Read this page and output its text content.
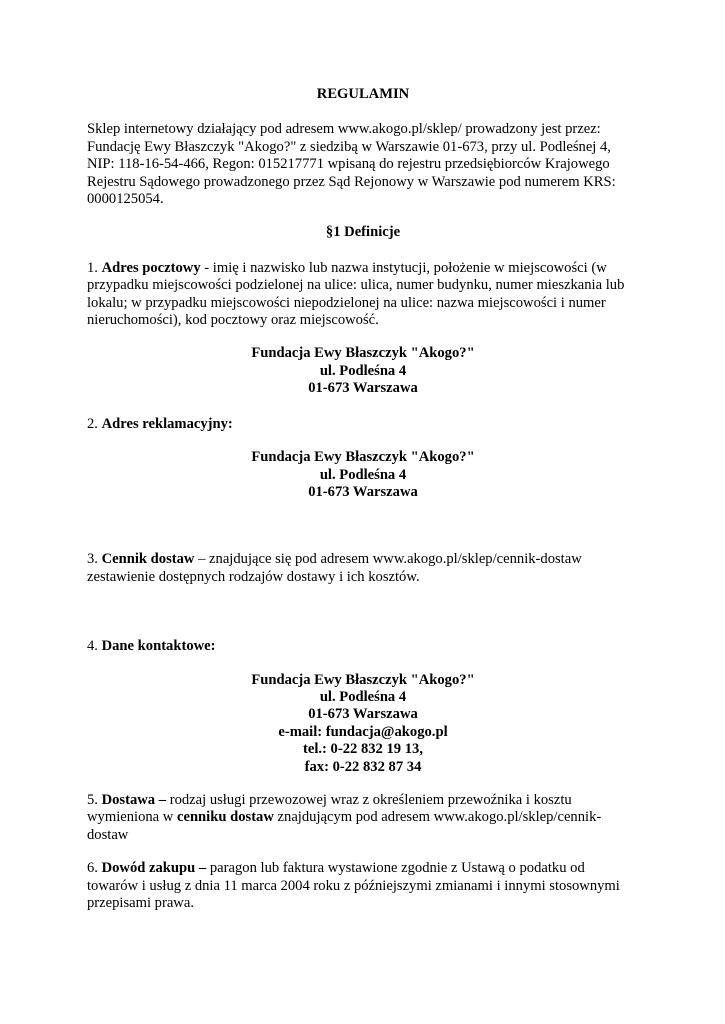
REGULAMIN

Sklep internetowy działający pod adresem www.akogo.pl/sklep/ prowadzony jest przez: Fundację Ewy Błaszczyk "Akogo?" z siedzibą w Warszawie 01-673, przy ul. Podleśnej 4, NIP: 118-16-54-466, Regon: 015217771 wpisaną do rejestru przedsiębiorców Krajowego Rejestru Sądowego prowadzonego przez Sąd Rejonowy w Warszawie pod numerem KRS: 0000125054.

§1 Definicje

1. Adres pocztowy - imię i nazwisko lub nazwa instytucji, położenie w miejscowości (w przypadku miejscowości podzielonej na ulice: ulica, numer budynku, numer mieszkania lub lokalu; w przypadku miejscowości niepodzielonej na ulice: nazwa miejscowości i numer nieruchomości), kod pocztowy oraz miejscowość.

Fundacja Ewy Błaszczyk "Akogo?"

ul. Podleśna 4

01-673 Warszawa

2. Adres reklamacyjny:

Fundacja Ewy Błaszczyk "Akogo?"

ul. Podleśna 4

01-673 Warszawa

3. Cennik dostaw – znajdujące się pod adresem www.akogo.pl/sklep/cennik-dostaw zestawienie dostępnych rodzajów dostawy i ich kosztów.

4. Dane kontaktowe:

Fundacja Ewy Błaszczyk "Akogo?"

ul. Podleśna 4

01-673 Warszawa

e-mail: fundacja@akogo.pl

tel.: 0-22 832 19 13,

fax: 0-22 832 87 34

5. Dostawa – rodzaj usługi przewozowej wraz z określeniem przewoźnika i kosztu wymieniona w cenniku dostaw znajdującym pod adresem www.akogo.pl/sklep/cennik-dostaw

6. Dowód zakupu – paragon lub faktura wystawione zgodnie z Ustawą o podatku od towarów i usług z dnia 11 marca 2004 roku z późniejszymi zmianami i innymi stosownymi przepisami prawa.
